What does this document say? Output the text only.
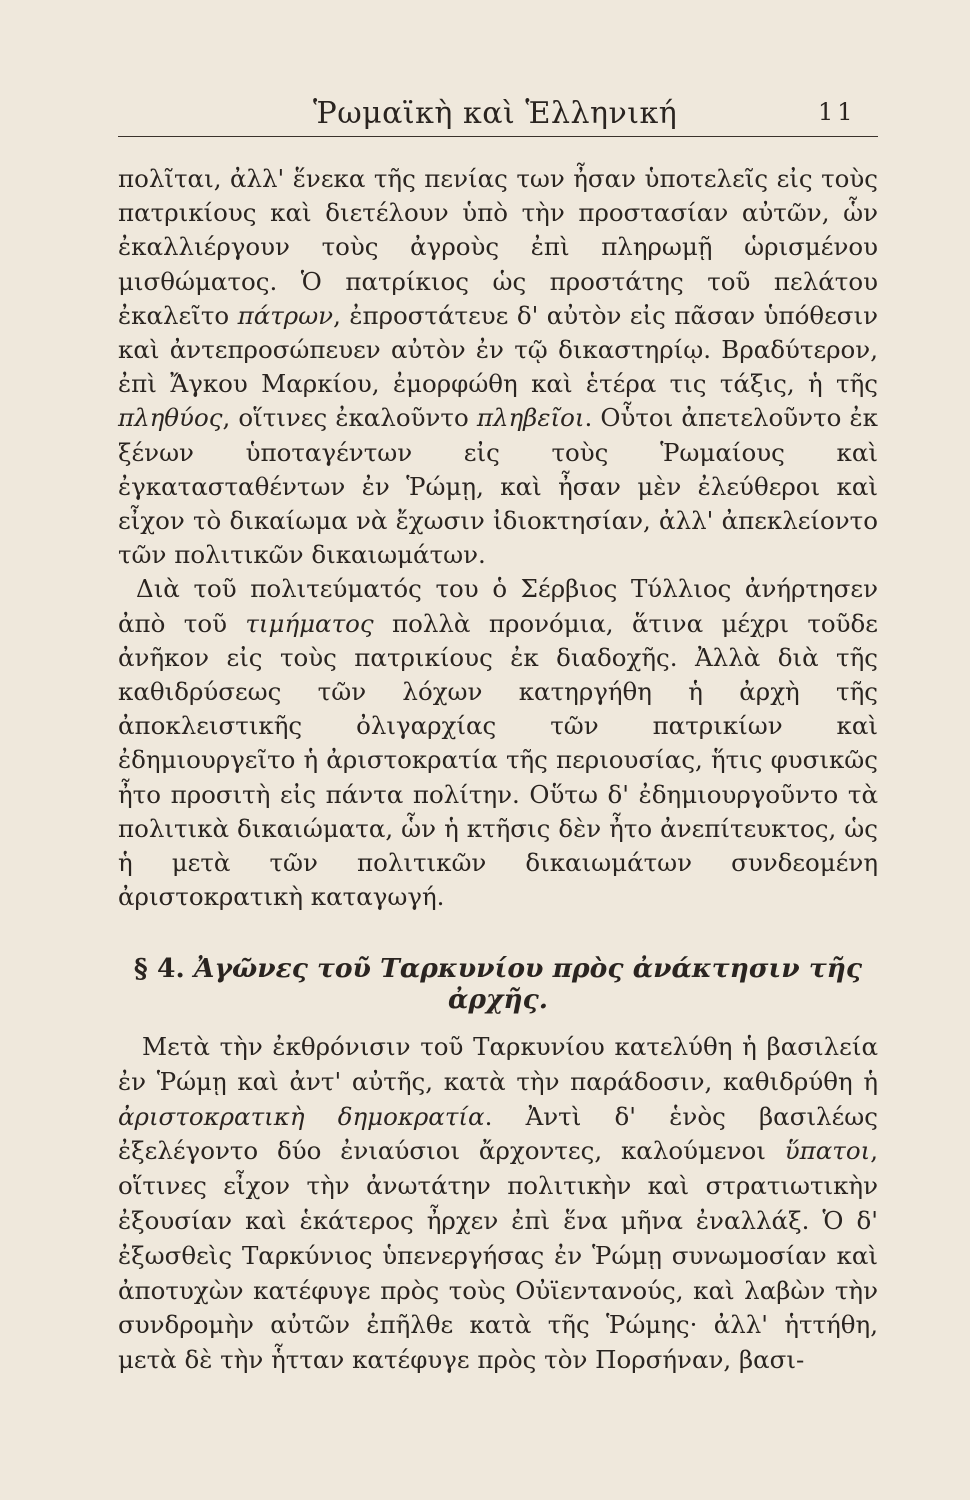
Ῥωμαϊκὴ καὶ Ἑλληνική	11

πολῖται, ἀλλ' ἕνεκα τῆς πενίας των ἦσαν ὑποτελεῖς εἰς τοὺς πατρικίους καὶ διετέλουν ὑπὸ τὴν προστασίαν αὐτῶν, ὧν ἐκαλλιέργουν τοὺς ἀγροὺς ἐπὶ πληρωμῇ ὡρισμένου μισθώματος. Ὁ πατρίκιος ὡς προστάτης τοῦ πελάτου ἐκαλεῖτο πάτρων, ἐπροστάτευε δ' αὐτὸν εἰς πᾶσαν ὑπόθεσιν καὶ ἀντεπροσώπευεν αὐτὸν ἐν τῷ δικαστηρίῳ. Βραδύτερον, ἐπὶ Ἄγκου Μαρκίου, ἐμορφώθη καὶ ἑτέρα τις τάξις, ἡ τῆς πληθύος, οἵτινες ἐκαλοῦντο πληβεῖοι. Οὗτοι ἀπετελοῦντο ἐκ ξένων ὑποταγέντων εἰς τοὺς Ῥωμαίους καὶ ἐγκατασταθέντων ἐν Ῥώμῃ, καὶ ἦσαν μὲν ἐλεύθεροι καὶ εἶχον τὸ δικαίωμα νὰ ἔχωσιν ἰδιοκτησίαν, ἀλλ' ἀπεκλείοντο τῶν πολιτικῶν δικαιωμάτων.

Διὰ τοῦ πολιτεύματός του ὁ Σέρβιος Τύλλιος ἀνήρτησεν ἀπὸ τοῦ τιμήματος πολλὰ προνόμια, ἅτινα μέχρι τοῦδε ἀνῆκον εἰς τοὺς πατρικίους ἐκ διαδοχῆς. Ἀλλὰ διὰ τῆς καθιδρύσεως τῶν λόχων κατηργήθη ἡ ἀρχὴ τῆς ἀποκλειστικῆς ὀλιγαρχίας τῶν πατρικίων καὶ ἐδημιουργεῖτο ἡ ἀριστοκρατία τῆς περιουσίας, ἥτις φυσικῶς ἦτο προσιτὴ εἰς πάντα πολίτην. Οὕτω δ' ἐδημιουργοῦντο τὰ πολιτικὰ δικαιώματα, ὧν ἡ κτῆσις δὲν ἦτο ἀνεπίτευκτος, ὡς ἡ μετὰ τῶν πολιτικῶν δικαιωμάτων συνδεομένη ἀριστοκρατικὴ καταγωγή.

§ 4. Ἀγῶνες τοῦ Ταρκυνίου πρὸς ἀνάκτησιν τῆς ἀρχῆς.

Μετὰ τὴν ἐκθρόνισιν τοῦ Ταρκυνίου κατελύθη ἡ βασιλεία ἐν Ῥώμῃ καὶ ἀντ' αὐτῆς, κατὰ τὴν παράδοσιν, καθιδρύθη ἡ ἀριστοκρατικὴ δημοκρατία. Ἀντὶ δ' ἑνὸς βασιλέως ἐξελέγοντο δύο ἐνιαύσιοι ἄρχοντες, καλούμενοι ὕπατοι, οἵτινες εἶχον τὴν ἀνωτάτην πολιτικὴν καὶ στρατιωτικὴν ἐξουσίαν καὶ ἑκάτερος ἦρχεν ἐπὶ ἕνα μῆνα ἐναλλάξ. Ὁ δ' ἐξωσθεὶς Ταρκύνιος ὑπενεργήσας ἐν Ῥώμῃ συνωμοσίαν καὶ ἀποτυχὼν κατέφυγε πρὸς τοὺς Οὐϊεντανούς, καὶ λαβὼν τὴν συνδρομὴν αὐτῶν ἐπῆλθε κατὰ τῆς Ῥώμης· ἀλλ' ἡττήθη, μετὰ δὲ τὴν ἧτταν κατέφυγε πρὸς τὸν Πορσήναν, βασι-
